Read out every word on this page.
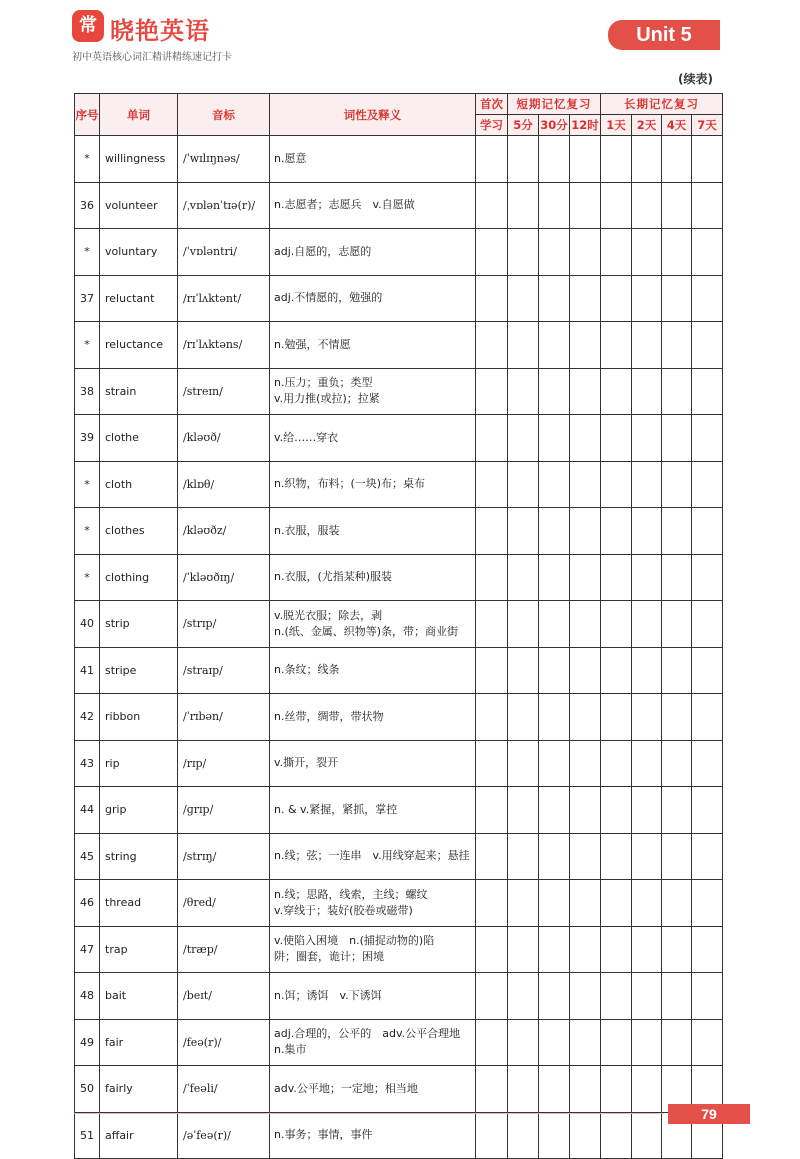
常 晓艳英语
初中英语核心词汇精讲精练速记打卡
Unit 5
(续表)
序号	单词	音标	词性及释义	首次	短期记忆复习			长期记忆复习			
				学习	5分	30分	12时	1天	2天	4天	7天
*	willingness	/ˈwɪlɪŋnəs/	n.愿意								

36	volunteer	/ˌvɒlənˈtɪə(r)/	n.志愿者；志愿兵　v.自愿做								

*	voluntary	/ˈvɒləntri/	adj.自愿的，志愿的								

37	reluctant	/rɪˈlʌktənt/	adj.不情愿的，勉强的								

*	reluctance	/rɪˈlʌktəns/	n.勉强，不情愿								

38	strain	/streɪn/	n.压力；重负；类型
v.用力推(或拉)；拉紧								

39	clothe	/kləʊð/	v.给……穿衣								

*	cloth	/klɒθ/	n.织物，布料；(一块)布；桌布								

*	clothes	/kləʊðz/	n.衣服，服装								

*	clothing	/ˈkləʊðɪŋ/	n.衣服，(尤指某种)服装								

40	strip	/strɪp/	v.脱光衣服；除去，剥
n.(纸、金属、织物等)条，带；商业街								

41	stripe	/straɪp/	n.条纹；线条								

42	ribbon	/ˈrɪbən/	n.丝带，绸带，带状物								

43	rip	/rɪp/	v.撕开，裂开								

44	grip	/ɡrɪp/	n. & v.紧握，紧抓，掌控								

45	string	/strɪŋ/	n.线；弦；一连串　v.用线穿起来；悬挂								

46	thread	/θred/	n.线；思路，线索，主线；螺纹
v.穿线于；装好(胶卷或磁带)								

47	trap	/træp/	v.使陷入困境　n.(捕捉动物的)陷
阱；圈套，诡计；困境								

48	bait	/beɪt/	n.饵；诱饵　v.下诱饵								

49	fair	/feə(r)/	adj.合理的，公平的　adv.公平合理地
n.集市								

50	fairly	/ˈfeəli/	adv.公平地；一定地；相当地								

51	affair	/əˈfeə(r)/	n.事务；事情，事件								

79
